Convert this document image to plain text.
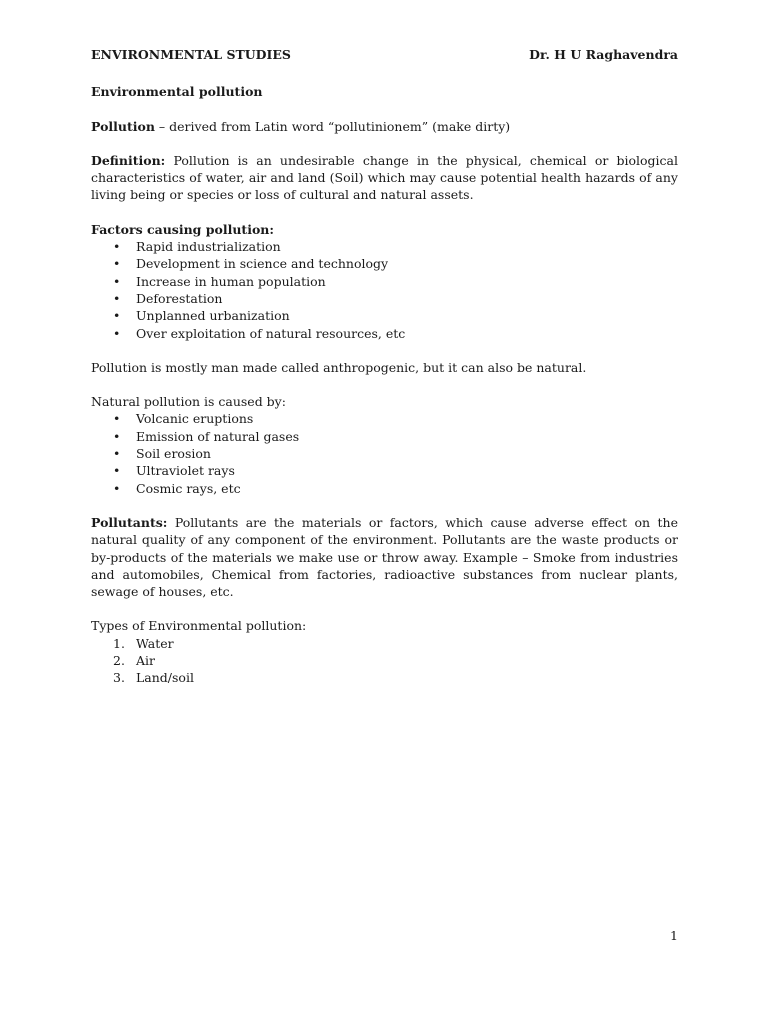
ENVIRONMENTAL STUDIES	Dr. H U Raghavendra
Environmental pollution
Pollution – derived from Latin word “pollutinionem” (make dirty)
Definition: Pollution is an undesirable change in the physical, chemical or biological characteristics of water, air and land (Soil) which may cause potential health hazards of any living being or species or loss of cultural and natural assets.
Factors causing pollution:
• Rapid industrialization
• Development in science and technology
• Increase in human population
• Deforestation
• Unplanned urbanization
• Over exploitation of natural resources, etc
Pollution is mostly man made called anthropogenic, but it can also be natural.
Natural pollution is caused by:
• Volcanic eruptions
• Emission of natural gases
• Soil erosion
• Ultraviolet rays
• Cosmic rays, etc
Pollutants: Pollutants are the materials or factors, which cause adverse effect on the natural quality of any component of the environment. Pollutants are the waste products or by-products of the materials we make use or throw away. Example – Smoke from industries and automobiles, Chemical from factories, radioactive substances from nuclear plants, sewage of houses, etc.
Types of Environmental pollution:
1. Water
2. Air
3. Land/soil
1
